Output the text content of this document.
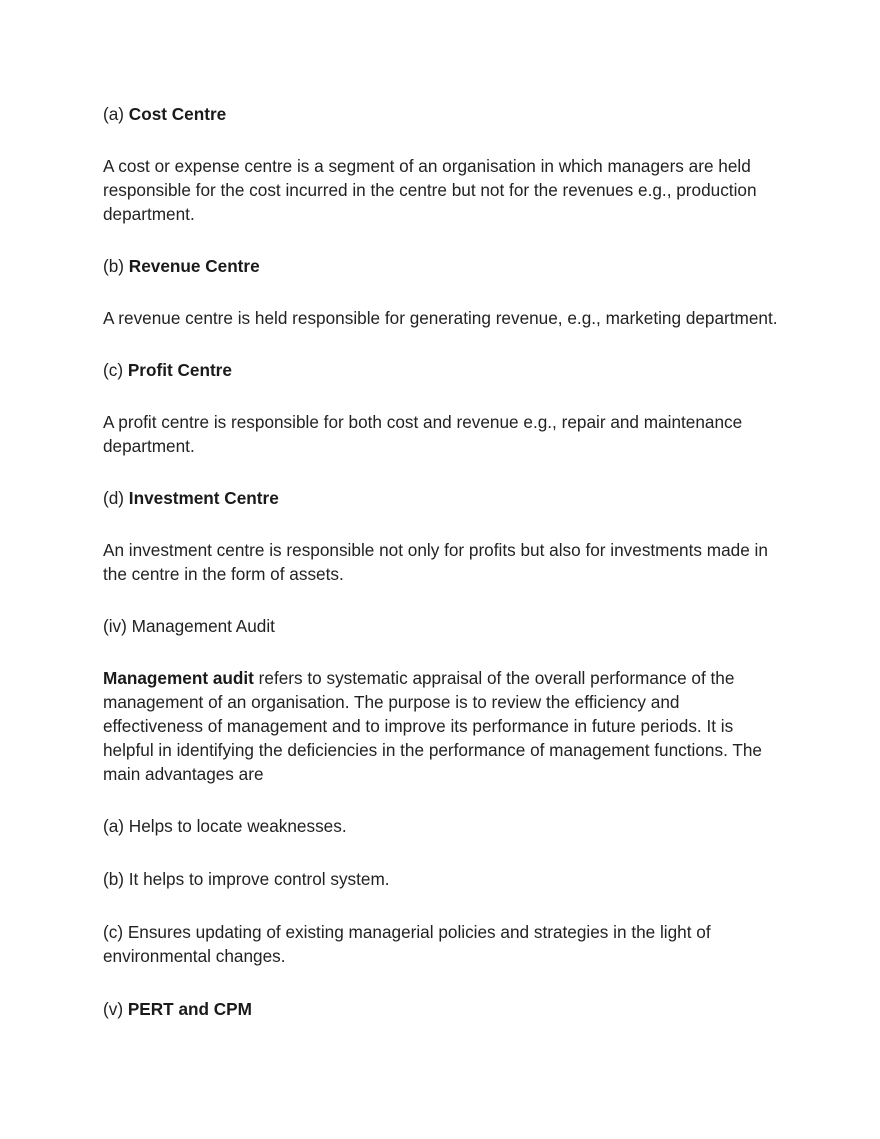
(a) Cost Centre

A cost or expense centre is a segment of an organisation in which managers are held responsible for the cost incurred in the centre but not for the revenues e.g., production department.

(b) Revenue Centre

A revenue centre is held responsible for generating revenue, e.g., marketing department.

(c) Profit Centre

A profit centre is responsible for both cost and revenue e.g., repair and maintenance department.

(d) Investment Centre

An investment centre is responsible not only for profits but also for investments made in the centre in the form of assets.

(iv) Management Audit

Management audit refers to systematic appraisal of the overall performance of the management of an organisation. The purpose is to review the efficiency and effectiveness of management and to improve its performance in future periods. It is helpful in identifying the deficiencies in the performance of management functions. The main advantages are

(a) Helps to locate weaknesses.

(b) It helps to improve control system.

(c) Ensures updating of existing managerial policies and strategies in the light of environmental changes.

(v) PERT and CPM
